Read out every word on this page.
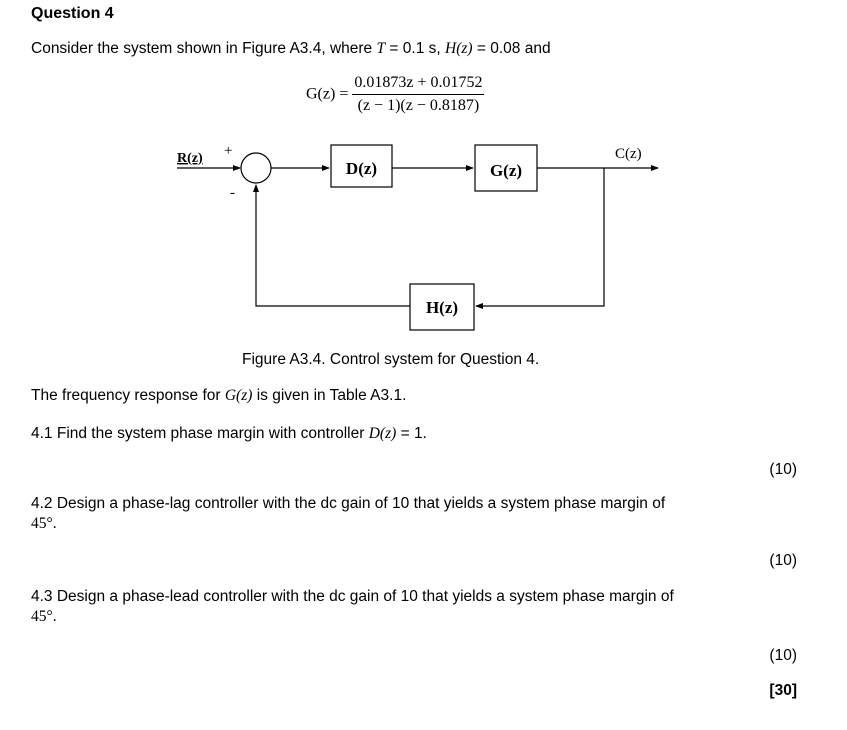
Question 4
Consider the system shown in Figure A3.4, where T = 0.1 s, H(z) = 0.08 and
$G(z) = \frac{0.01873z + 0.01752}{(z - 1)(z - 0.8187)}$
R(z) +
-
D(z)	G(z)
H(z)
C(z)
Figure A3.4. Control system for Question 4.
The frequency response for G(z) is given in Table A3.1.
4.1 Find the system phase margin with controller D(z) = 1.
(10)
4.2 Design a phase-lag controller with the dc gain of 10 that yields a system phase margin of
45°.
(10)
4.3 Design a phase-lead controller with the dc gain of 10 that yields a system phase margin of
45°.
(10)
[30]
